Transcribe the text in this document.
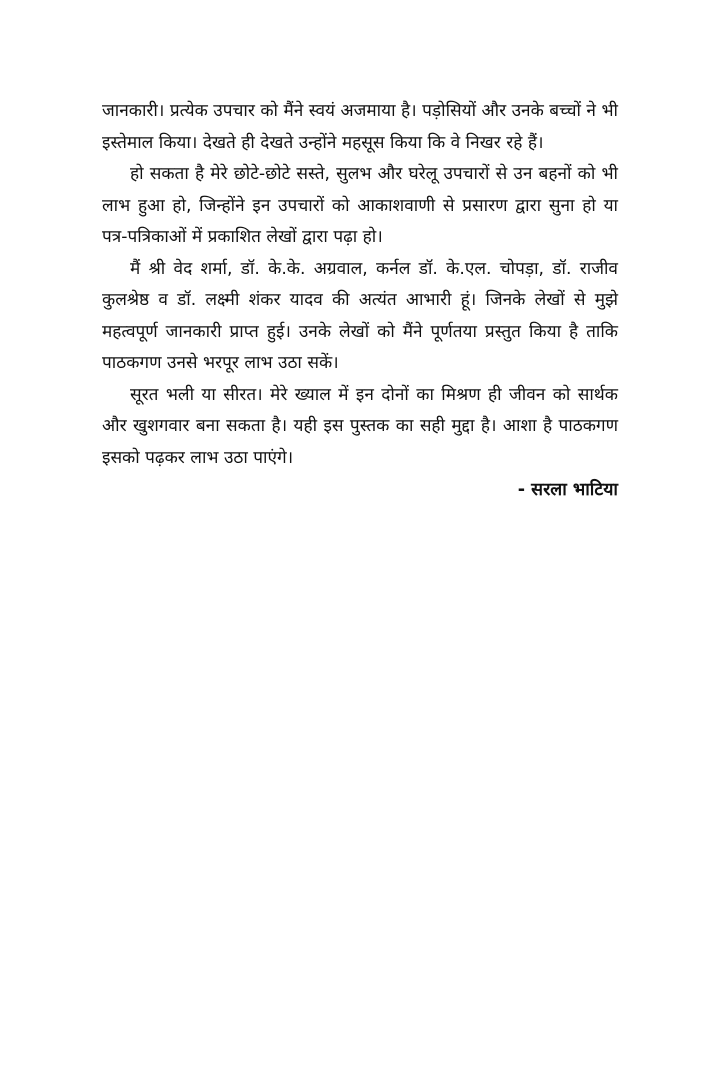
जानकारी। प्रत्येक उपचार को मैंने स्वयं अजमाया है। पड़ोसियों और उनके बच्चों ने भी इस्तेमाल किया। देखते ही देखते उन्होंने महसूस किया कि वे निखर रहे हैं।

हो सकता है मेरे छोटे-छोटे सस्ते, सुलभ और घरेलू उपचारों से उन बहनों को भी लाभ हुआ हो, जिन्होंने इन उपचारों को आकाशवाणी से प्रसारण द्वारा सुना हो या पत्र-पत्रिकाओं में प्रकाशित लेखों द्वारा पढ़ा हो।

मैं श्री वेद शर्मा, डॉ. के.के. अग्रवाल, कर्नल डॉ. के.एल. चोपड़ा, डॉ. राजीव कुलश्रेष्ठ व डॉ. लक्ष्मी शंकर यादव की अत्यंत आभारी हूं। जिनके लेखों से मुझे महत्वपूर्ण जानकारी प्राप्त हुई। उनके लेखों को मैंने पूर्णतया प्रस्तुत किया है ताकि पाठकगण उनसे भरपूर लाभ उठा सकें।

सूरत भली या सीरत। मेरे ख्याल में इन दोनों का मिश्रण ही जीवन को सार्थक और खुशगवार बना सकता है। यही इस पुस्तक का सही मुद्दा है। आशा है पाठकगण इसको पढ़कर लाभ उठा पाएंगे।

- सरला भाटिया
